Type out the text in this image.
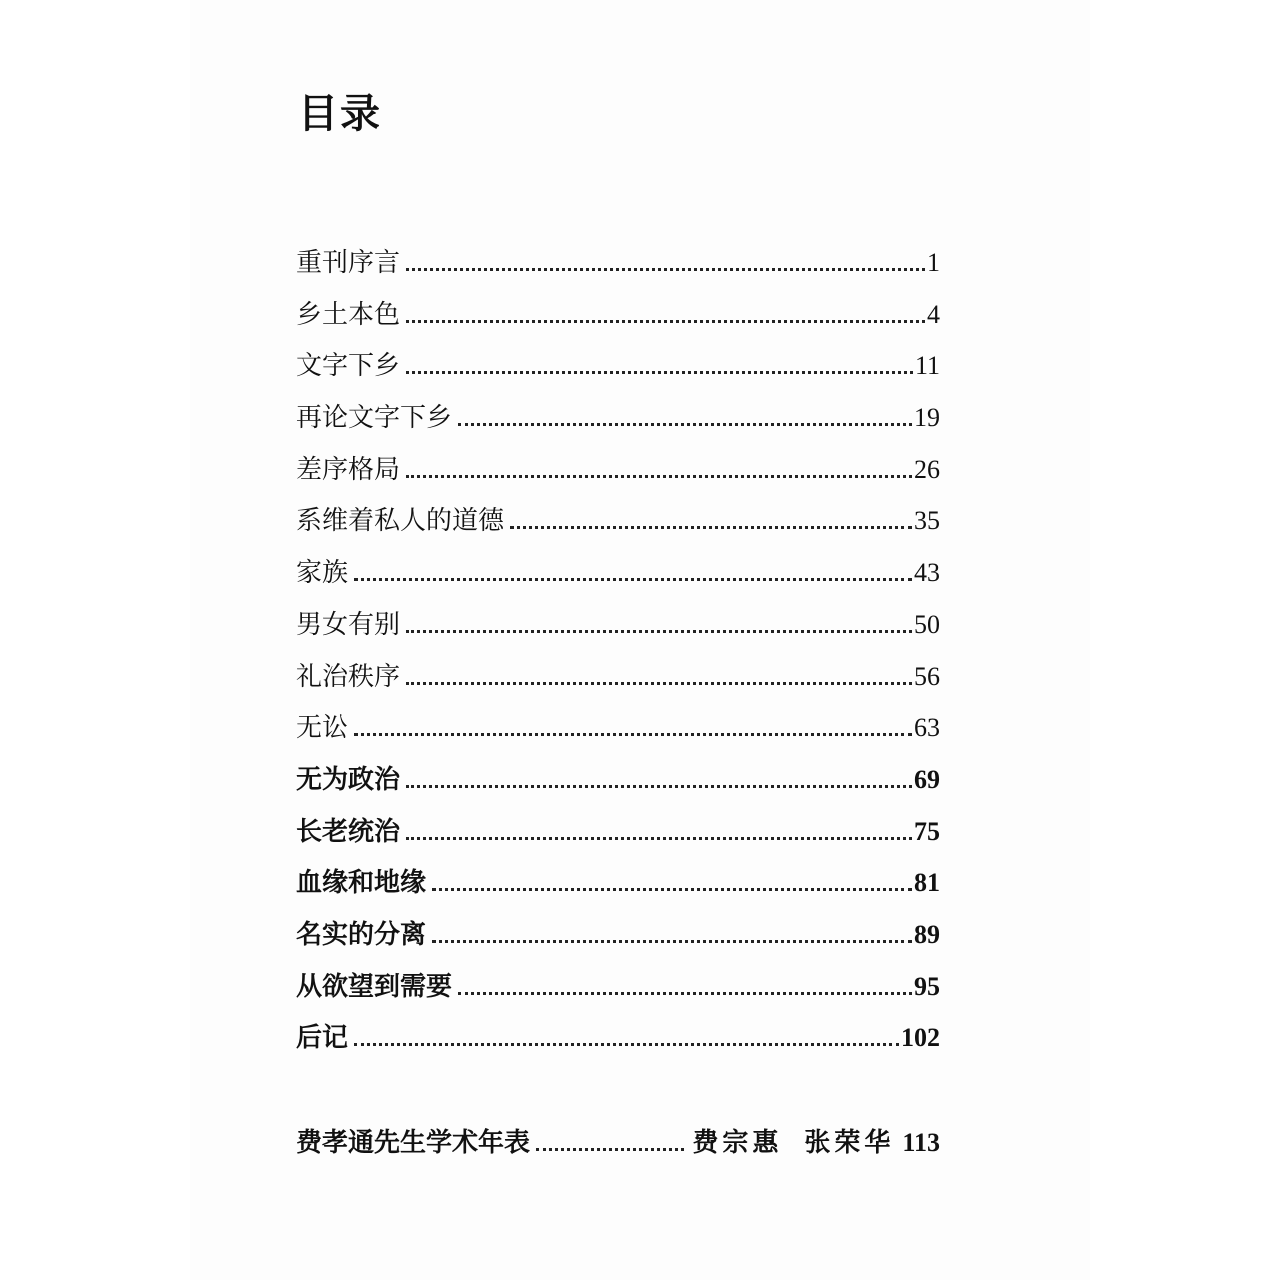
目录
重刊序言	1
乡土本色	4
文字下乡	11
再论文字下乡	19
差序格局	26
系维着私人的道德	35
家族	43
男女有别	50
礼治秩序	56
无讼	63
无为政治	69
长老统治	75
血缘和地缘	81
名实的分离	89
从欲望到需要	95
后记	102
费孝通先生学术年表	费宗惠 张荣华 113
